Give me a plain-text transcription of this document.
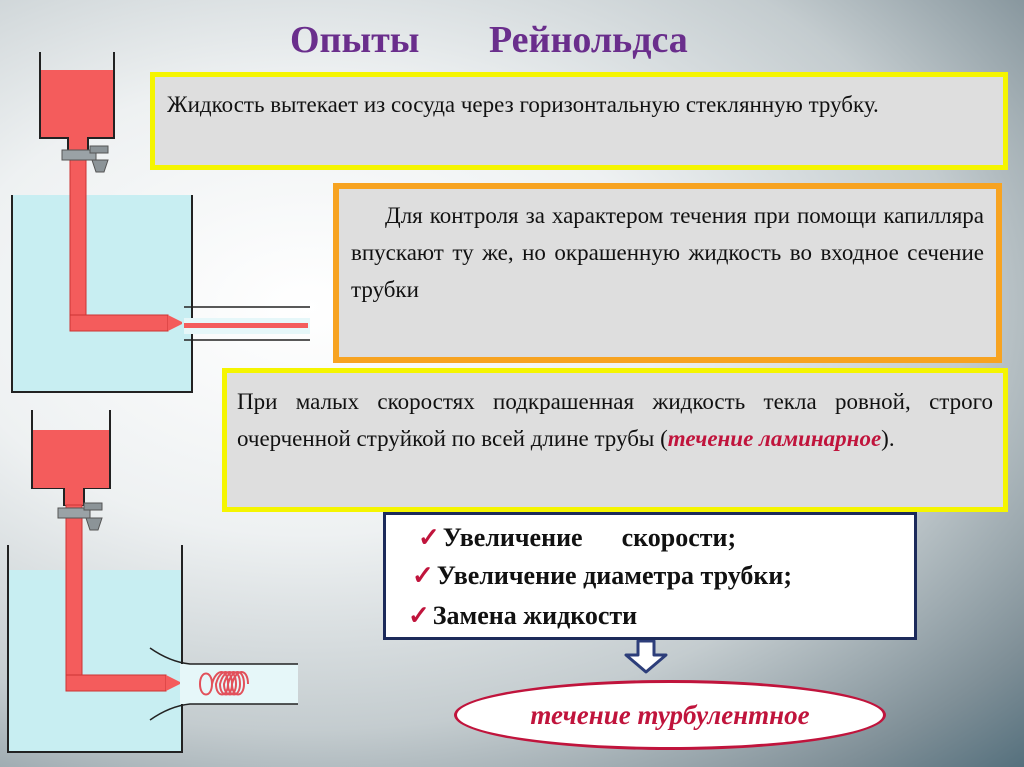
Опыты Рейнольдса
Жидкость вытекает из сосуда через горизонтальную стеклянную трубку.
Для контроля за характером течения при помощи капилляра впускают ту же, но окрашенную жидкость во входное сечение трубки
При малых скоростях подкрашенная жидкость текла ровной, строго очерченной струйкой по всей длине трубы (течение ламинарное).
✓ Увеличение      скорости;
✓ Увеличение диаметра трубки;
✓ Замена жидкости
течение турбулентное
